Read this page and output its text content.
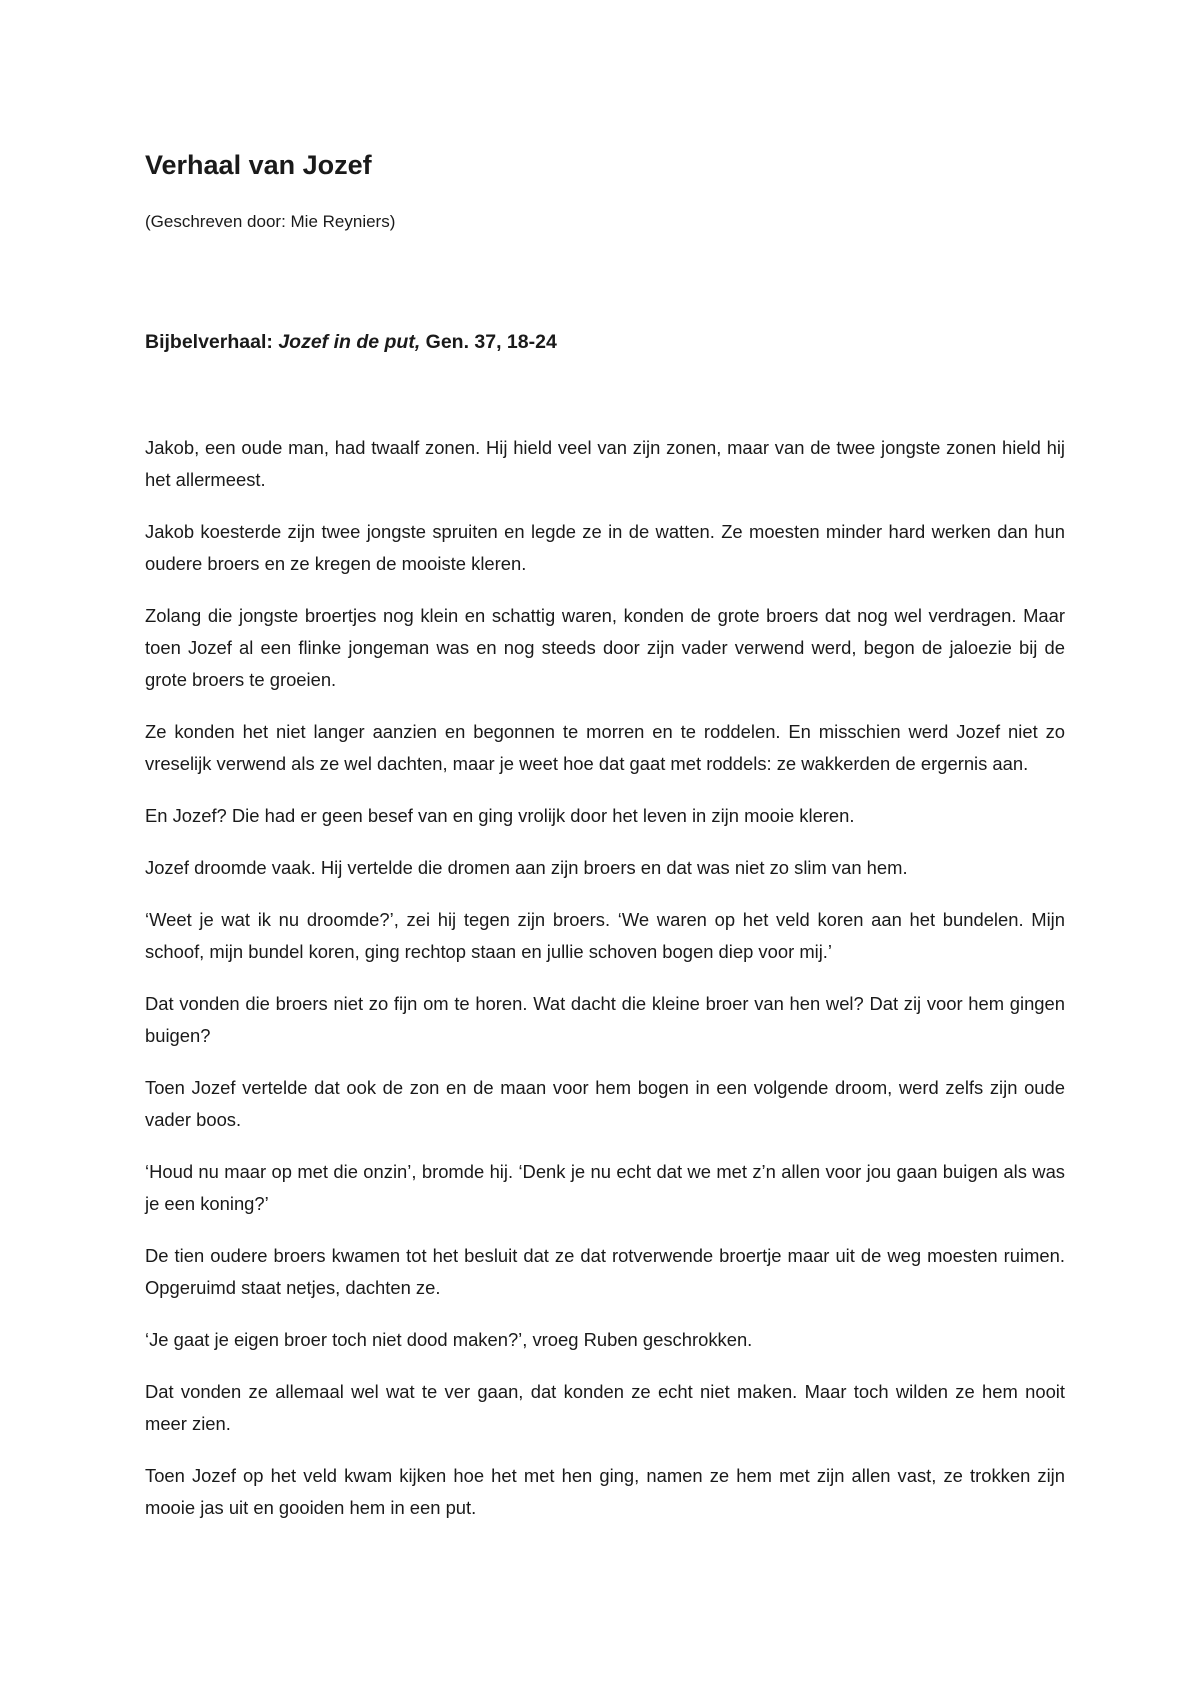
Verhaal van Jozef

(Geschreven door: Mie Reyniers)

Bijbelverhaal: Jozef in de put, Gen. 37, 18-24

Jakob, een oude man, had twaalf zonen. Hij hield veel van zijn zonen, maar van de twee jongste zonen hield hij het allermeest.

Jakob koesterde zijn twee jongste spruiten en legde ze in de watten. Ze moesten minder hard werken dan hun oudere broers en ze kregen de mooiste kleren.

Zolang die jongste broertjes nog klein en schattig waren, konden de grote broers dat nog wel verdragen. Maar toen Jozef al een flinke jongeman was en nog steeds door zijn vader verwend werd, begon de jaloezie bij de grote broers te groeien.

Ze konden het niet langer aanzien en begonnen te morren en te roddelen. En misschien werd Jozef niet zo vreselijk verwend als ze wel dachten, maar je weet hoe dat gaat met roddels: ze wakkerden de ergernis aan.

En Jozef? Die had er geen besef van en ging vrolijk door het leven in zijn mooie kleren.

Jozef droomde vaak. Hij vertelde die dromen aan zijn broers en dat was niet zo slim van hem.

‘Weet je wat ik nu droomde?’, zei hij tegen zijn broers. ‘We waren op het veld koren aan het bundelen. Mijn schoof, mijn bundel koren, ging rechtop staan en jullie schoven bogen diep voor mij.’

Dat vonden die broers niet zo fijn om te horen. Wat dacht die kleine broer van hen wel? Dat zij voor hem gingen buigen?

Toen Jozef vertelde dat ook de zon en de maan voor hem bogen in een volgende droom, werd zelfs zijn oude vader boos.

‘Houd nu maar op met die onzin’, bromde hij. ‘Denk je nu echt dat we met z’n allen voor jou gaan buigen als was je een koning?’

De tien oudere broers kwamen tot het besluit dat ze dat rotverwende broertje maar uit de weg moesten ruimen. Opgeruimd staat netjes, dachten ze.

‘Je gaat je eigen broer toch niet dood maken?’, vroeg Ruben geschrokken.

Dat vonden ze allemaal wel wat te ver gaan, dat konden ze echt niet maken. Maar toch wilden ze hem nooit meer zien.

Toen Jozef op het veld kwam kijken hoe het met hen ging, namen ze hem met zijn allen vast, ze trokken zijn mooie jas uit en gooiden hem in een put.
